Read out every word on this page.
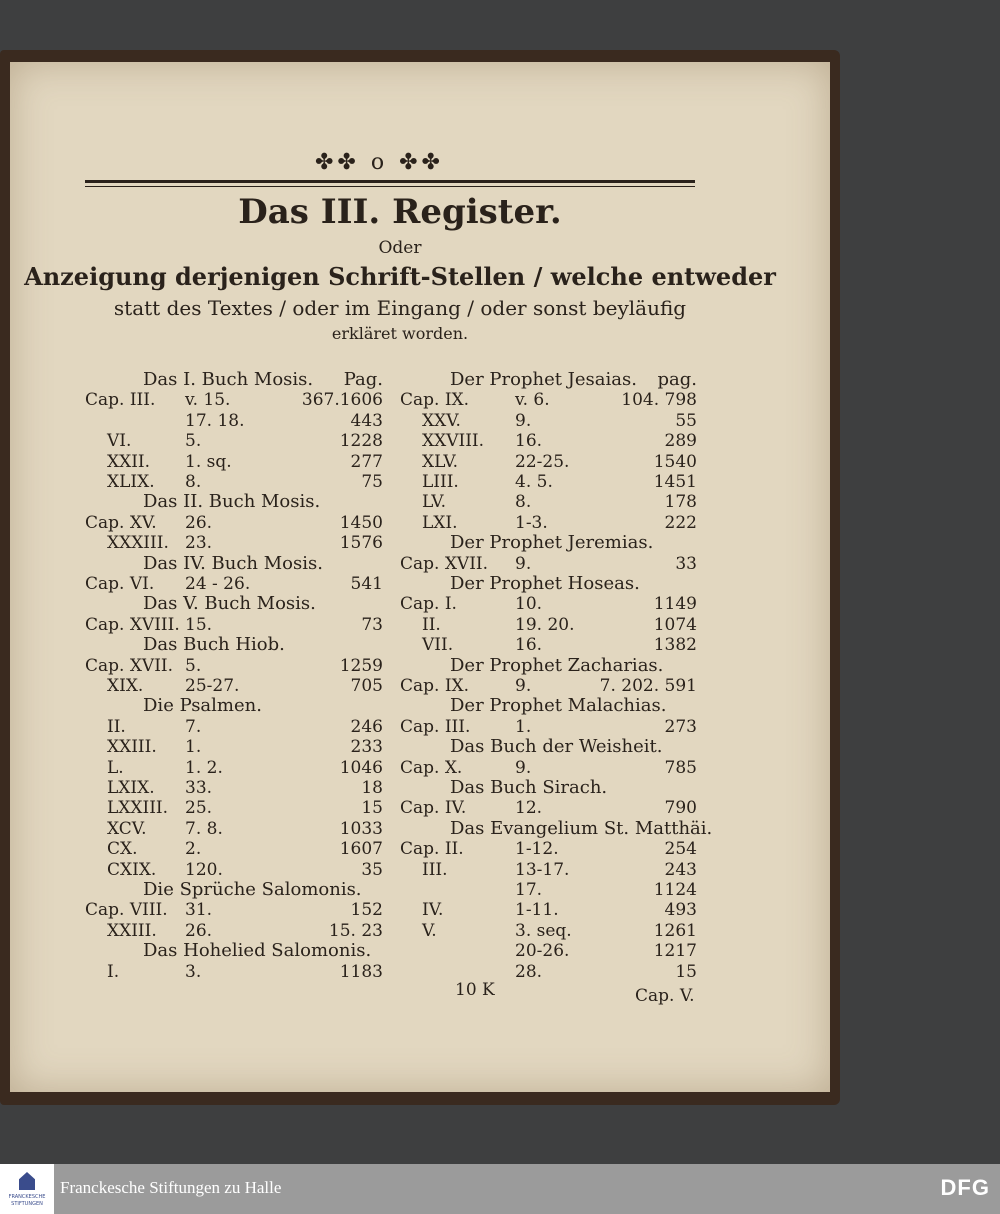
✤✤ o ✤✤
Das III. Register.
Oder
Anzeigung derjenigen Schrift-Stellen / welche entweder
statt des Textes / oder im Eingang / oder sonst beyläufig
erkläret worden.
Das I. Buch Mosis. Pag.
Cap. III. v. 15.	367.1606
17. 18.	443
VI.	5.	1228
XXII. 1. sq.	277
XLIX. 8.	75
Das II. Buch Mosis.
Cap. XV. 26.	1450
XXXIII. 23.	1576
Das IV. Buch Mosis.
Cap. VI. 24 - 26.	541
Das V. Buch Mosis.
Cap. XVIII. 15.	73
Das Buch Hiob.
Cap. XVII. 5.	1259
XIX. 25-27.	705
Die Psalmen.
II.	7.	246
XXIII. 1.	233
L.	1. 2.	1046
LXIX. 33.	18
LXXIII. 25.	15
XCV. 7. 8.	1033
CX.	2.	1607
CXIX. 120.	35
Die Sprüche Salomonis.
Cap. VIII. 31.	152
XXIII. 26.	15. 23
Das Hohelied Salomonis.
I.	3.	1183
Der Prophet Jesaias. pag.
Cap. IX.	v. 6.	104. 798
XXV.	9.	55
XXVIII. 16.	289
XLV.	22-25.	1540
LIII.	4. 5.	1451
LV.	8.	178
LXI.	1-3.	222
Der Prophet Jeremias.
Cap. XVII. 9.	33
Der Prophet Hoseas.
Cap. I.	10.	1149
II.	19. 20.	1074
VII.	16.	1382
Der Prophet Zacharias.
Cap. IX.	9.	7. 202. 591
Der Prophet Malachias.
Cap. III.	1.	273
Das Buch der Weisheit.
Cap. X.	9.	785
Das Buch Sirach.
Cap. IV.	12.	790
Das Evangelium St. Matthäi.
Cap. II.	1-12.	254
III.	13-17.	243
17.	1124
IV.	1-11.	493
V.	3. seq.	1261
20-26.	1217
28.	15
10 K	Cap. V.
FRANCKESCHE
STIFTUNGEN
Franckesche Stiftungen zu Halle	DFG
